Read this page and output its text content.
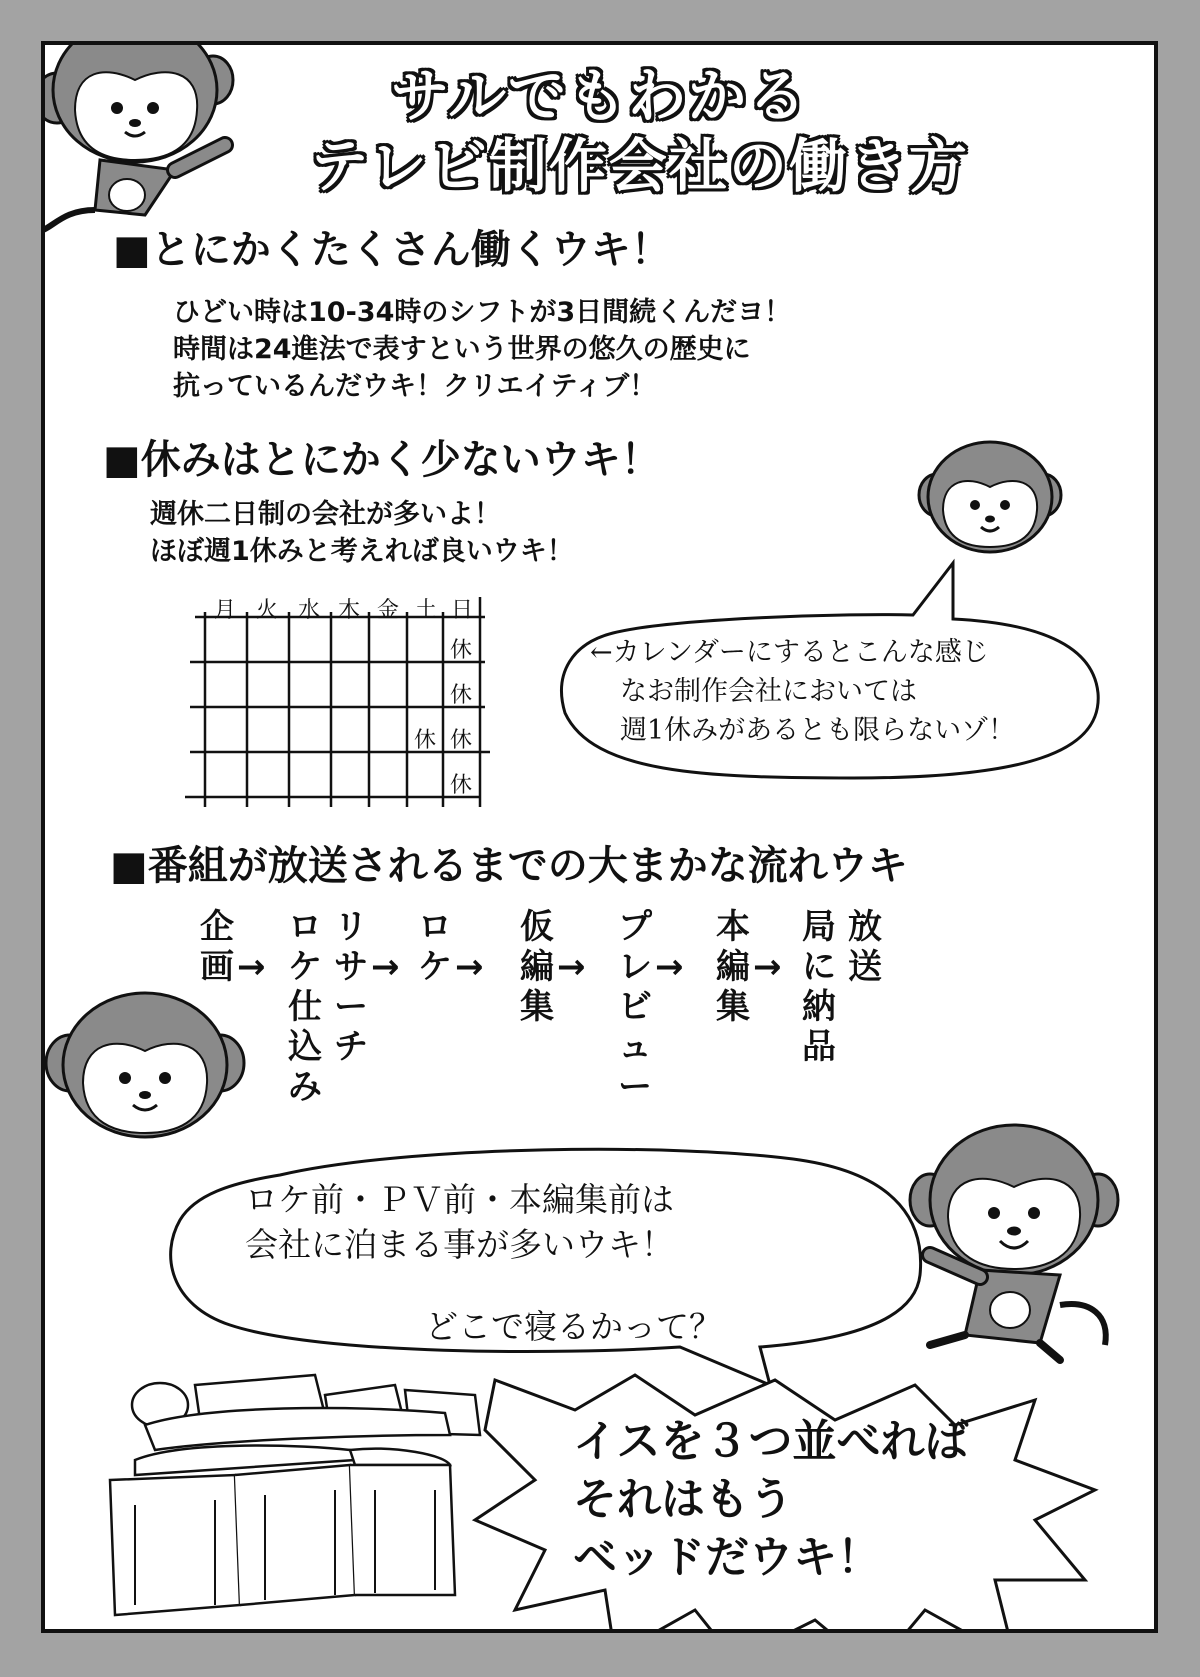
サルでもわかる
テレビ制作会社の働き方
■とにかくたくさん働くウキ！
ひどい時は10-34時のシフトが3日間続くんだヨ！
時間は24進法で表すという世界の悠久の歴史に
抗っているんだウキ！クリエイティブ！
■休みはとにかく少ないウキ！
週休二日制の会社が多いよ！
ほぼ週1休みと考えれば良いウキ！
月 火 水 木 金 土 日
←カレンダーにするとこんな感じ
なお制作会社においては
週1休みがあるとも限らないゾ！
■番組が放送されるまでの大まかな流れウキ
企画 →
ロケ仕込み
リサーチ
→
ロケ →
仮編集
→
プレビュー
→
本編集
→
局に納品
放送
ロケ前・ＰＶ前・本編集前は
会社に泊まる事が多いウキ！
どこで寝るかって？
イスを３つ並べれば
それはもう
ベッドだウキ！
休
休
休 休
休
